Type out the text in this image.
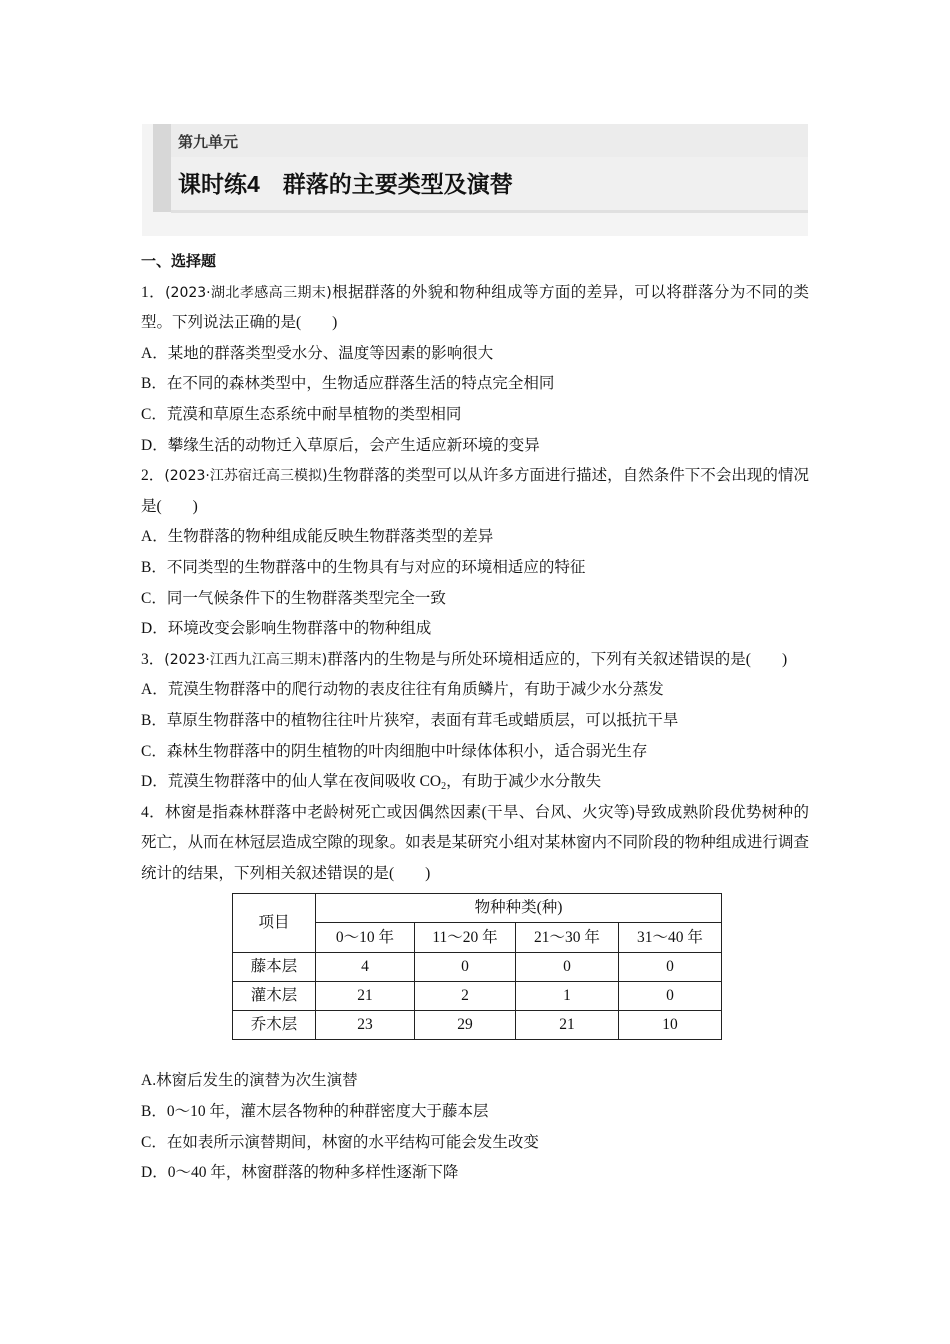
第九单元

课时练4　群落的主要类型及演替

一、选择题

1．(2023·湖北孝感高三期末)根据群落的外貌和物种组成等方面的差异，可以将群落分为不同的类型。下列说法正确的是(　　)

A．某地的群落类型受水分、温度等因素的影响很大

B．在不同的森林类型中，生物适应群落生活的特点完全相同

C．荒漠和草原生态系统中耐旱植物的类型相同

D．攀缘生活的动物迁入草原后，会产生适应新环境的变异

2．(2023·江苏宿迁高三模拟)生物群落的类型可以从许多方面进行描述，自然条件下不会出现的情况是(　　)

A．生物群落的物种组成能反映生物群落类型的差异

B．不同类型的生物群落中的生物具有与对应的环境相适应的特征

C．同一气候条件下的生物群落类型完全一致

D．环境改变会影响生物群落中的物种组成

3．(2023·江西九江高三期末)群落内的生物是与所处环境相适应的，下列有关叙述错误的是(　　)

A．荒漠生物群落中的爬行动物的表皮往往有角质鳞片，有助于减少水分蒸发

B．草原生物群落中的植物往往叶片狭窄，表面有茸毛或蜡质层，可以抵抗干旱

C．森林生物群落中的阴生植物的叶肉细胞中叶绿体体积小，适合弱光生存

D．荒漠生物群落中的仙人掌在夜间吸收 $CO_2$，有助于减少水分散失

4．林窗是指森林群落中老龄树死亡或因偶然因素(干旱、台风、火灾等)导致成熟阶段优势树种的死亡，从而在林冠层造成空隙的现象。如表是某研究小组对某林窗内不同阶段的物种组成进行调查统计的结果，下列相关叙述错误的是(　　)

项目	物种种类(种)			
	0～10 年	11～20 年	21～30 年	31～40 年
藤本层	4	0	0	0
灌木层	21	2	1	0
乔木层	23	29	21	10

A.林窗后发生的演替为次生演替

B．0～10 年，灌木层各物种的种群密度大于藤本层

C．在如表所示演替期间，林窗的水平结构可能会发生改变

D．0～40 年，林窗群落的物种多样性逐渐下降
